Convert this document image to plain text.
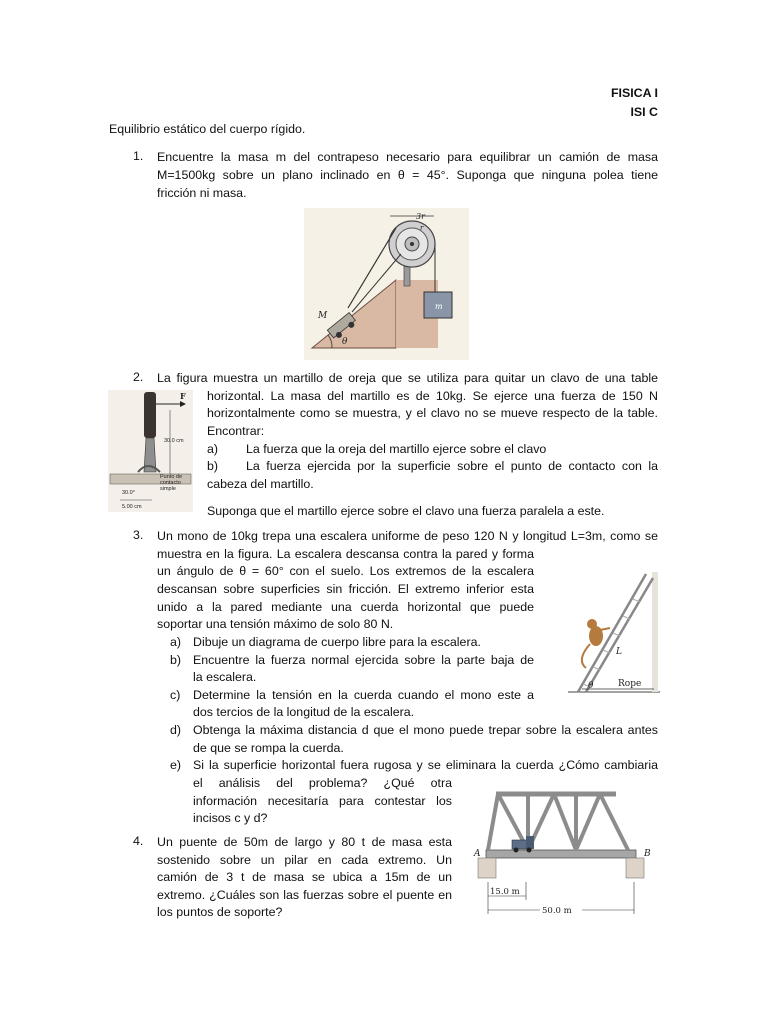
FISICA I
ISI C
Equilibrio estático del cuerpo rígido.
1. Encuentre la masa m del contrapeso necesario para equilibrar un camión de masa
M=1500kg sobre un plano inclinado en θ = 45°. Suponga que ninguna polea tiene
fricción ni masa.
m
3r
r
M
θ
2. La figura muestra un martillo de oreja que se utiliza para quitar un clavo de una table
horizontal. La masa del martillo es de 10kg. Se ejerce una fuerza de 150 N
horizontalmente como se muestra, y el clavo no se mueve respecto de la table.
Encontrar:
a) La fuerza que la oreja del martillo ejerce sobre el clavo
b) La fuerza ejercida por la superficie sobre el punto de contacto con la
cabeza del martillo.
Suponga que el martillo ejerce sobre el clavo una fuerza paralela a este.
F
30.0 cm
Punto de
contacto
simple
30.0°
5.00 cm
3. Un mono de 10kg trepa una escalera uniforme de peso 120 N y longitud L=3m, como se
muestra en la figura. La escalera descansa contra la pared y forma
un ángulo de θ = 60° con el suelo. Los extremos de la escalera
descansan sobre superficies sin fricción. El extremo inferior esta
unido a la pared mediante una cuerda horizontal que puede
soportar una tensión máximo de solo 80 N.
a) Dibuje un diagrama de cuerpo libre para la escalera.
b) Encuentre la fuerza normal ejercida sobre la parte baja de
la escalera.
c) Determine la tensión en la cuerda cuando el mono este a
dos tercios de la longitud de la escalera.
d) Obtenga la máxima distancia d que el mono puede trepar sobre la escalera antes
de que se rompa la cuerda.
e) Si la superficie horizontal fuera rugosa y se eliminara la cuerda ¿Cómo cambiaria
el análisis del problema? ¿Qué otra
información necesitaría para contestar los
incisos c y d?
L
θ	Rope
4. Un puente de 50m de largo y 80 t de masa esta
sostenido sobre un pilar en cada extremo. Un
camión de 3 t de masa se ubica a 15m de un
extremo. ¿Cuáles son las fuerzas sobre el puente en
los puntos de soporte?
A	B
15.0 m
50.0 m
